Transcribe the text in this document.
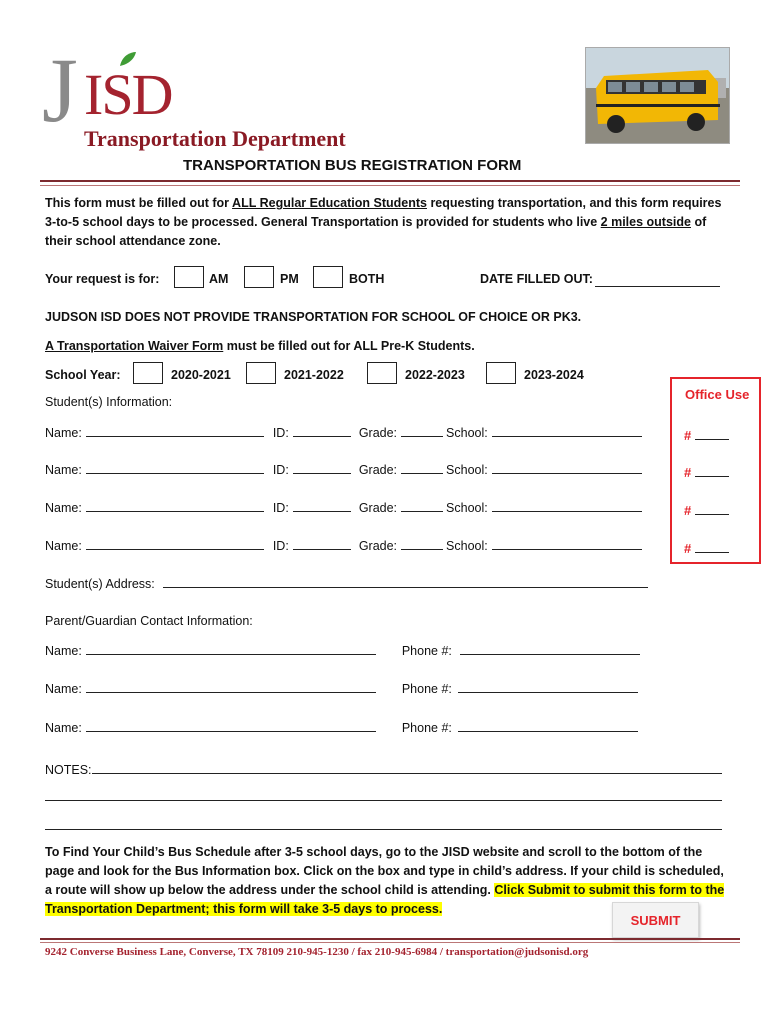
J ISD
Transportation Department
TRANSPORTATION BUS REGISTRATION FORM
This form must be filled out for ALL Regular Education Students requesting transportation, and this form requires 3-to-5 school days to be processed. General Transportation is provided for students who live 2 miles outside of their school attendance zone.
Your request is for:	AM	PM	BOTH	DATE FILLED OUT:
JUDSON ISD DOES NOT PROVIDE TRANSPORTATION FOR SCHOOL OF CHOICE OR PK3.
A Transportation Waiver Form must be filled out for ALL Pre-K Students.
School Year:	2020-2021	2021-2022	2022-2023	2023-2024
Student(s) Information:
Name:	ID:	Grade:	School:
Name:	ID:	Grade:	School:
Name:	ID:	Grade:	School:
Name:	ID:	Grade:	School:
Office Use
#
#
#
#
Student(s) Address:
Parent/Guardian Contact Information:
Name:	Phone #:
Name:	Phone #:
Name:	Phone #:
NOTES:
To Find Your Child’s Bus Schedule after 3-5 school days, go to the JISD website and scroll to the bottom of the page and look for the Bus Information box. Click on the box and type in child’s address. If your child is scheduled, a route will show up below the address under the school child is attending. Click Submit to submit this form to the Transportation Department; this form will take 3-5 days to process.
SUBMIT
9242 Converse Business Lane, Converse, TX 78109 210-945-1230 / fax 210-945-6984 / transportation@judsonisd.org
